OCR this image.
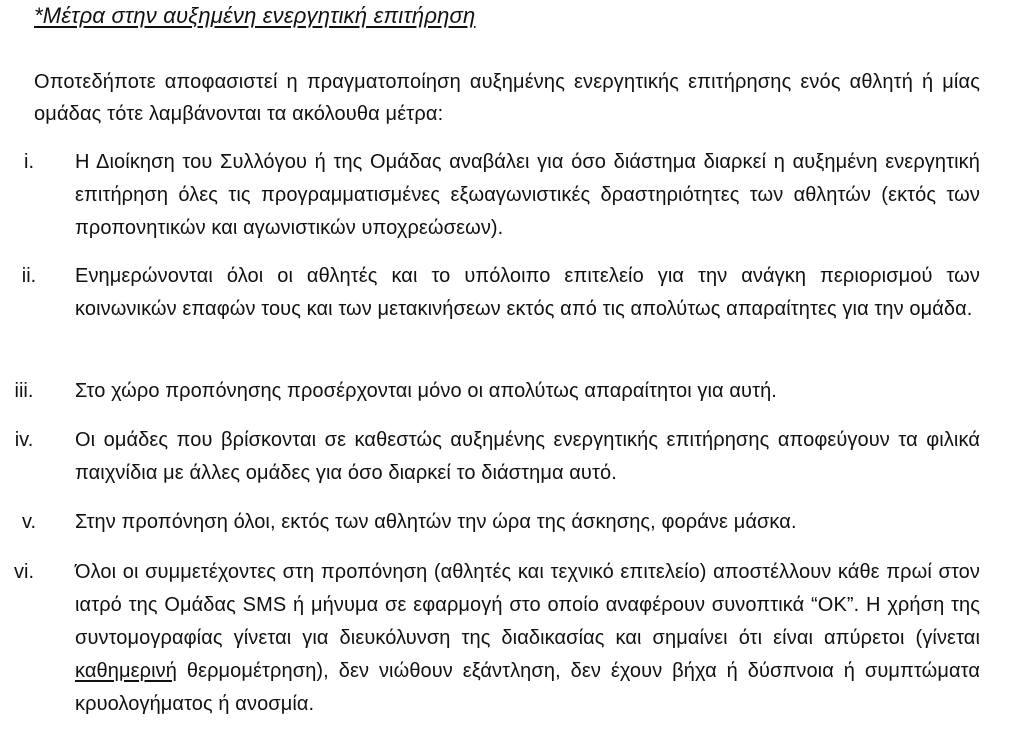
*Μέτρα στην αυξημένη ενεργητική επιτήρηση
Οποτεδήποτε αποφασιστεί η πραγματοποίηση αυξημένης ενεργητικής επιτήρησης ενός αθλητή ή μίας ομάδας τότε λαμβάνονται τα ακόλουθα μέτρα:
i.	Η Διοίκηση του Συλλόγου ή της Ομάδας αναβάλει για όσο διάστημα διαρκεί η αυξημένη ενεργητική επιτήρηση όλες τις προγραμματισμένες εξωαγωνιστικές δραστηριότητες των αθλητών (εκτός των προπονητικών και αγωνιστικών υποχρεώσεων).
ii.	Ενημερώνονται όλοι οι αθλητές και το υπόλοιπο επιτελείο για την ανάγκη περιορισμού των κοινωνικών επαφών τους και των μετακινήσεων εκτός από τις απολύτως απαραίτητες για την ομάδα.
iii.	Στο χώρο προπόνησης προσέρχονται μόνο οι απολύτως απαραίτητοι για αυτή.
iv.	Οι ομάδες που βρίσκονται σε καθεστώς αυξημένης ενεργητικής επιτήρησης αποφεύγουν τα φιλικά παιχνίδια με άλλες ομάδες για όσο διαρκεί το διάστημα αυτό.
v.	Στην προπόνηση όλοι, εκτός των αθλητών την ώρα της άσκησης, φοράνε μάσκα.
vi.	Όλοι οι συμμετέχοντες στη προπόνηση (αθλητές και τεχνικό επιτελείο) αποστέλλουν κάθε πρωί στον ιατρό της Ομάδας SMS ή μήνυμα σε εφαρμογή στο οποίο αναφέρουν συνοπτικά “ΟΚ”. Η χρήση της συντομογραφίας γίνεται για διευκόλυνση της διαδικασίας και σημαίνει ότι είναι απύρετοι (γίνεται καθημερινή θερμομέτρηση), δεν νιώθουν εξάντληση, δεν έχουν βήχα ή δύσπνοια ή συμπτώματα κρυολογήματος ή ανοσμία.
